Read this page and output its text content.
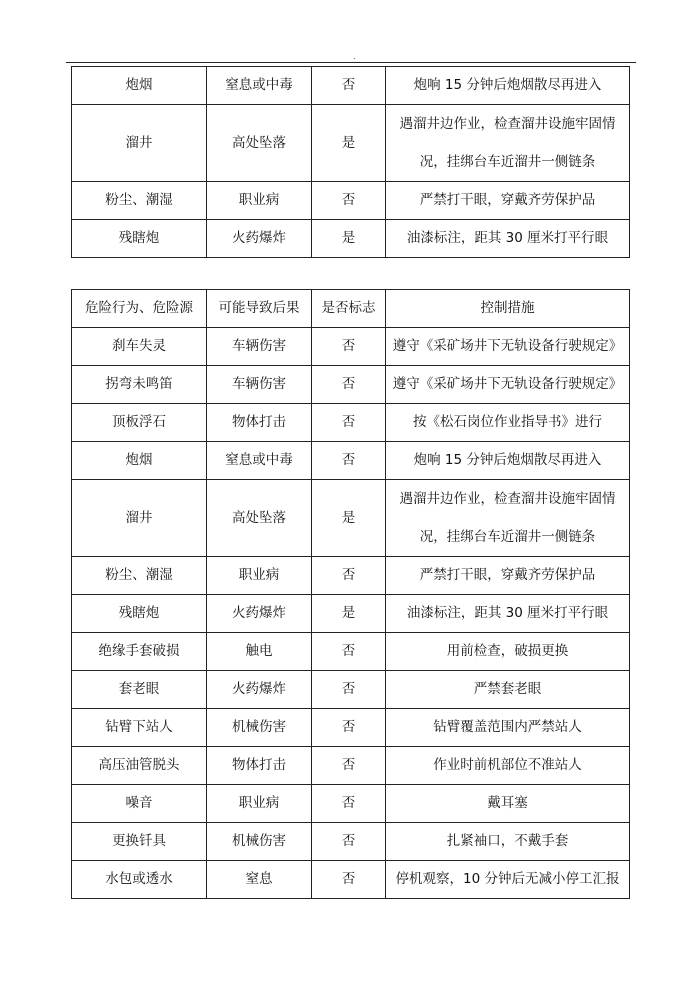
.
炮烟	窒息或中毒	否	炮响 15 分钟后炮烟散尽再进入
溜井	高处坠落	是	遇溜井边作业，检查溜井设施牢固情况，挂绑台车近溜井一侧链条
粉尘、潮湿	职业病	否	严禁打干眼，穿戴齐劳保护品
残瞎炮	火药爆炸	是	油漆标注，距其 30 厘米打平行眼
危险行为、危险源	可能导致后果	是否标志	控制措施
刹车失灵	车辆伤害	否	遵守《采矿场井下无轨设备行驶规定》
拐弯未鸣笛	车辆伤害	否	遵守《采矿场井下无轨设备行驶规定》
顶板浮石	物体打击	否	按《松石岗位作业指导书》进行
炮烟	窒息或中毒	否	炮响 15 分钟后炮烟散尽再进入
溜井	高处坠落	是	遇溜井边作业，检查溜井设施牢固情况，挂绑台车近溜井一侧链条
粉尘、潮湿	职业病	否	严禁打干眼，穿戴齐劳保护品
残瞎炮	火药爆炸	是	油漆标注，距其 30 厘米打平行眼
绝缘手套破损	触电	否	用前检查，破损更换
套老眼	火药爆炸	否	严禁套老眼
钻臂下站人	机械伤害	否	钻臂覆盖范围内严禁站人
高压油管脱头	物体打击	否	作业时前机部位不准站人
噪音	职业病	否	戴耳塞
更换钎具	机械伤害	否	扎紧袖口，不戴手套
水包或透水	窒息	否	停机观察，10 分钟后无减小停工汇报
